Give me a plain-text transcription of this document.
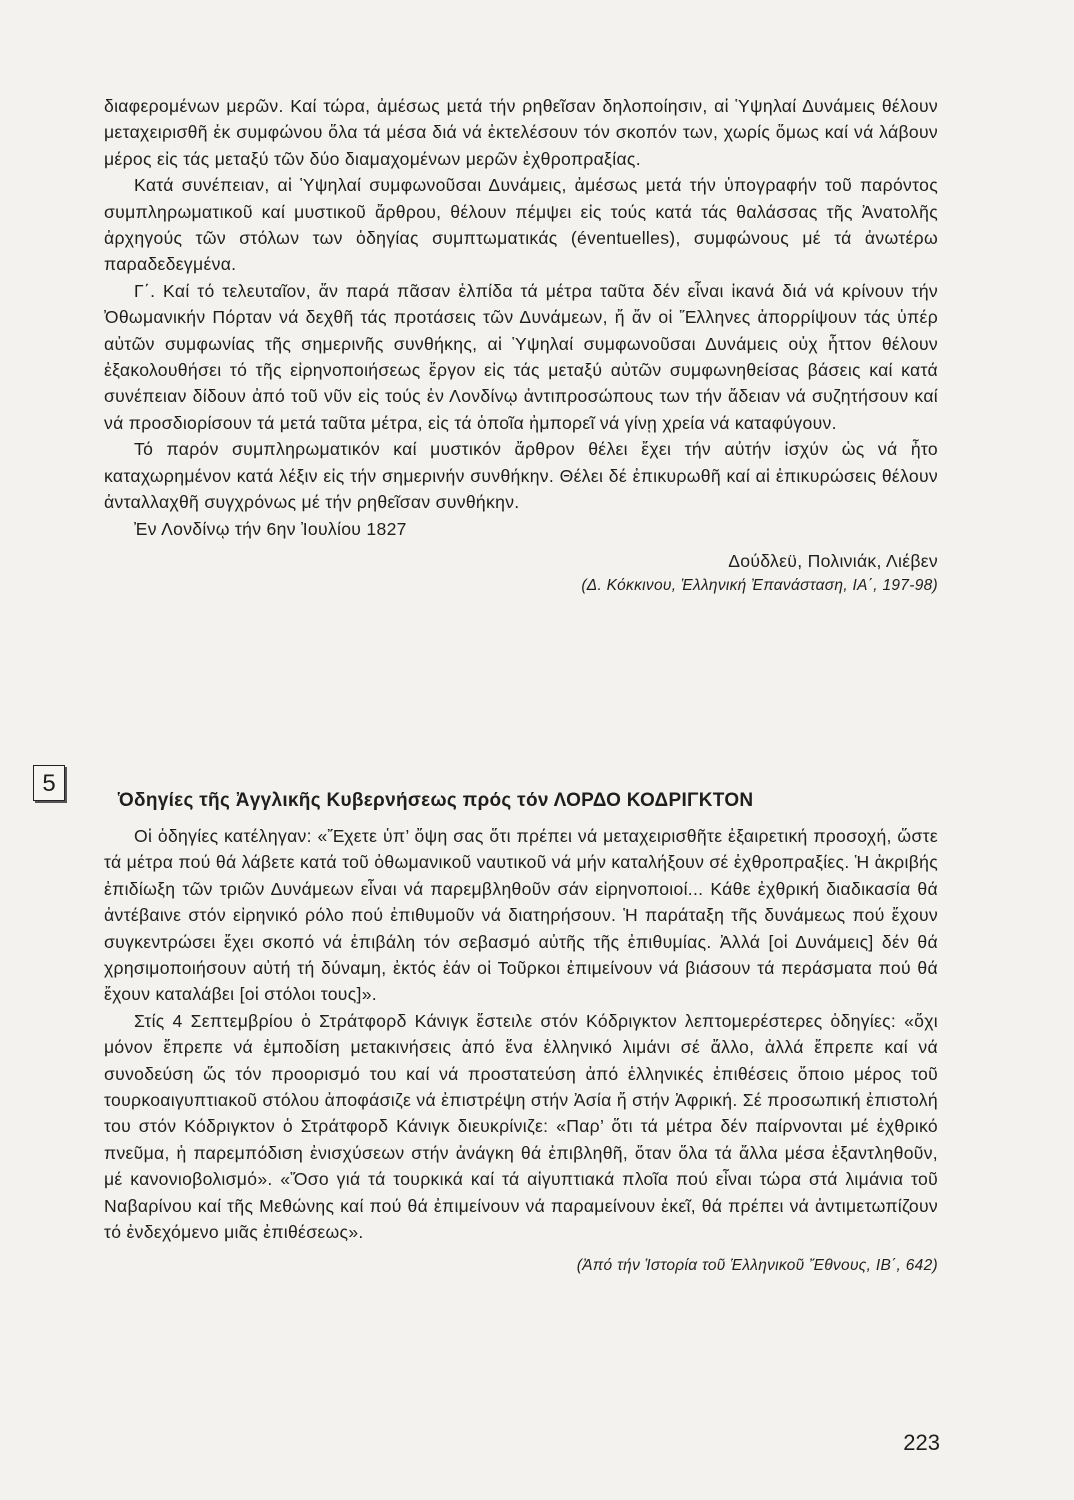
διαφερομένων μερῶν. Καί τώρα, ἀμέσως μετά τήν ρηθεῖσαν δηλοποίησιν, αἱ Ὑψηλαί Δυνάμεις θέλουν μεταχειρισθῆ ἐκ συμφώνου ὅλα τά μέσα διά νά ἐκτελέσουν τόν σκοπόν των, χωρίς ὅμως καί νά λάβουν μέρος εἰς τάς μεταξύ τῶν δύο διαμαχομένων μερῶν ἐχθροπραξίας.

Κατά συνέπειαν, αἱ Ὑψηλαί συμφωνοῦσαι Δυνάμεις, ἀμέσως μετά τήν ὑπογραφήν τοῦ παρόντος συμπληρωματικοῦ καί μυστικοῦ ἄρθρου, θέλουν πέμψει εἰς τούς κατά τάς θαλάσσας τῆς Ἀνατολῆς ἀρχηγούς τῶν στόλων των ὁδηγίας συμπτωματικάς (éventuelles), συμφώνους μέ τά ἀνωτέρω παραδεδεγμένα.

Γ΄. Καί τό τελευταῖον, ἄν παρά πᾶσαν ἐλπίδα τά μέτρα ταῦτα δέν εἶναι ἱκανά διά νά κρίνουν τήν Ὀθωμανικήν Πόρταν νά δεχθῆ τάς προτάσεις τῶν Δυνάμεων, ἤ ἄν οἱ Ἕλληνες ἀπορρίψουν τάς ὑπέρ αὐτῶν συμφωνίας τῆς σημερινῆς συνθήκης, αἱ Ὑψηλαί συμφωνοῦσαι Δυνάμεις οὐχ ἧττον θέλουν ἐξακολουθήσει τό τῆς εἰρηνοποιήσεως ἔργον εἰς τάς μεταξύ αὐτῶν συμφωνηθείσας βάσεις καί κατά συνέπειαν δίδουν ἀπό τοῦ νῦν εἰς τούς ἐν Λονδίνῳ ἀντιπροσώπους των τήν ἄδειαν νά συζητήσουν καί νά προσδιορίσουν τά μετά ταῦτα μέτρα, εἰς τά ὁποῖα ἠμπορεῖ νά γίνῃ χρεία νά καταφύγουν.

Τό παρόν συμπληρωματικόν καί μυστικόν ἄρθρον θέλει ἔχει τήν αὐτήν ἰσχύν ὡς νά ἦτο καταχωρημένον κατά λέξιν εἰς τήν σημερινήν συνθήκην. Θέλει δέ ἐπικυρωθῆ καί αἱ ἐπικυρώσεις θέλουν ἀνταλλαχθῆ συγχρόνως μέ τήν ρηθεῖσαν συνθήκην.

Ἐν Λονδίνῳ τήν 6ην Ἰουλίου 1827

Δούδλεϋ, Πολινιάκ, Λιέβεν

(Δ. Κόκκινου, Ἑλληνική Ἐπανάσταση, ΙΑ΄, 197-98)

5
Ὁδηγίες τῆς Ἀγγλικῆς Κυβερνήσεως πρός τόν ΛΟΡΔΟ ΚΟΔΡΙΓΚΤΟΝ

Οἱ ὁδηγίες κατέληγαν: «Ἔχετε ὑπ’ ὄψη σας ὅτι πρέπει νά μεταχειρισθῆτε ἐξαιρετική προσοχή, ὥστε τά μέτρα πού θά λάβετε κατά τοῦ ὀθωμανικοῦ ναυτικοῦ νά μήν καταλήξουν σέ ἐχθροπραξίες. Ἡ ἀκριβής ἐπιδίωξη τῶν τριῶν Δυνάμεων εἶναι νά παρεμβληθοῦν σάν εἰρηνοποιοί... Κάθε ἐχθρική διαδικασία θά ἀντέβαινε στόν εἰρηνικό ρόλο πού ἐπιθυμοῦν νά διατηρήσουν. Ἡ παράταξη τῆς δυνάμεως πού ἔχουν συγκεντρώσει ἔχει σκοπό νά ἐπιβάλη τόν σεβασμό αὐτῆς τῆς ἐπιθυμίας. Ἀλλά [οἱ Δυνάμεις] δέν θά χρησιμοποιήσουν αὐτή τή δύναμη, ἐκτός ἐάν οἱ Τοῦρκοι ἐπιμείνουν νά βιάσουν τά περάσματα πού θά ἔχουν καταλάβει [οἱ στόλοι τους]».

Στίς 4 Σεπτεμβρίου ὁ Στράτφορδ Κάνιγκ ἔστειλε στόν Κόδριγκτον λεπτομερέστερες ὁδηγίες: «ὄχι μόνον ἔπρεπε νά ἐμποδίση μετακινήσεις ἀπό ἕνα ἑλληνικό λιμάνι σέ ἄλλο, ἀλλά ἔπρεπε καί νά συνοδεύση ὥς τόν προορισμό του καί νά προστατεύση ἀπό ἑλληνικές ἐπιθέσεις ὅποιο μέρος τοῦ τουρκοαιγυπτιακοῦ στόλου ἀποφάσιζε νά ἐπιστρέψη στήν Ἀσία ἤ στήν Ἀφρική. Σέ προσωπική ἐπιστολή του στόν Κόδριγκτον ὁ Στράτφορδ Κάνιγκ διευκρίνιζε: «Παρ’ ὅτι τά μέτρα δέν παίρνονται μέ ἐχθρικό πνεῦμα, ἡ παρεμπόδιση ἐνισχύσεων στήν ἀνάγκη θά ἐπιβληθῆ, ὅταν ὅλα τά ἄλλα μέσα ἐξαντληθοῦν, μέ κανονιοβολισμό». «Ὅσο γιά τά τουρκικά καί τά αἰγυπτιακά πλοῖα πού εἶναι τώρα στά λιμάνια τοῦ Ναβαρίνου καί τῆς Μεθώνης καί πού θά ἐπιμείνουν νά παραμείνουν ἐκεῖ, θά πρέπει νά ἀντιμετωπίζουν τό ἐνδεχόμενο μιᾶς ἐπιθέσεως».

(Ἀπό τήν Ἱστορία τοῦ Ἑλληνικοῦ Ἔθνους, ΙΒ΄, 642)

223
